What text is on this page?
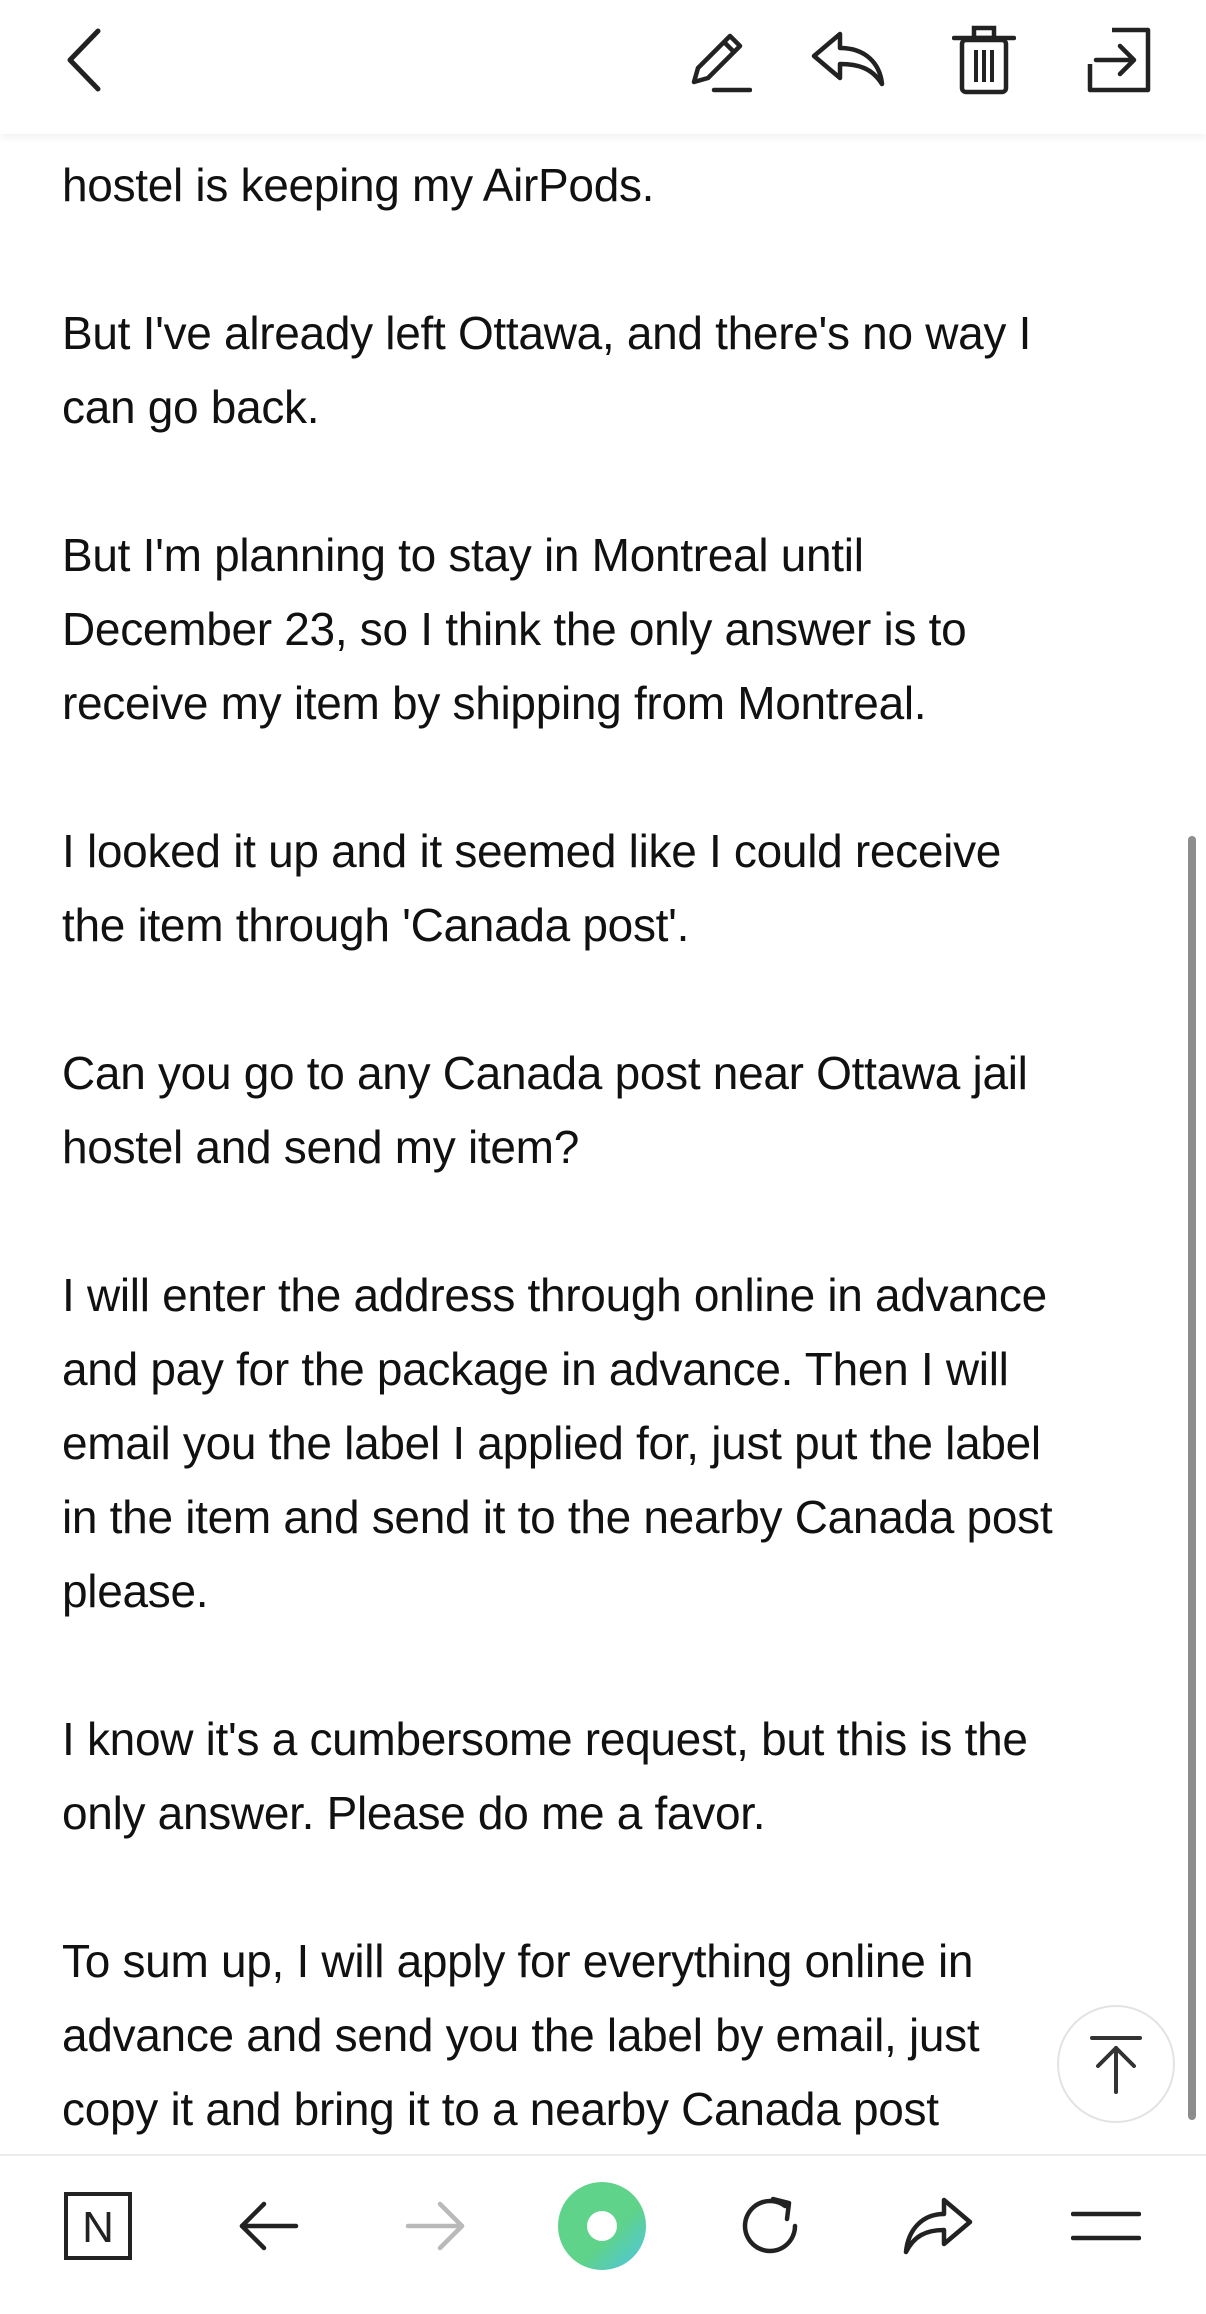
hostel is keeping my AirPods.

But I've already left Ottawa, and there's no way I
can go back.

But I'm planning to stay in Montreal until
December 23, so I think the only answer is to
receive my item by shipping from Montreal.

I looked it up and it seemed like I could receive
the item through 'Canada post'.

Can you go to any Canada post near Ottawa jail
hostel and send my item?

I will enter the address through online in advance
and pay for the package in advance. Then I will
email you the label I applied for, just put the label
in the item and send it to the nearby Canada post
please.

I know it's a cumbersome request, but this is the
only answer. Please do me a favor.

To sum up, I will apply for everything online in
advance and send you the label by email, just
copy it and bring it to a nearby Canada post

N
